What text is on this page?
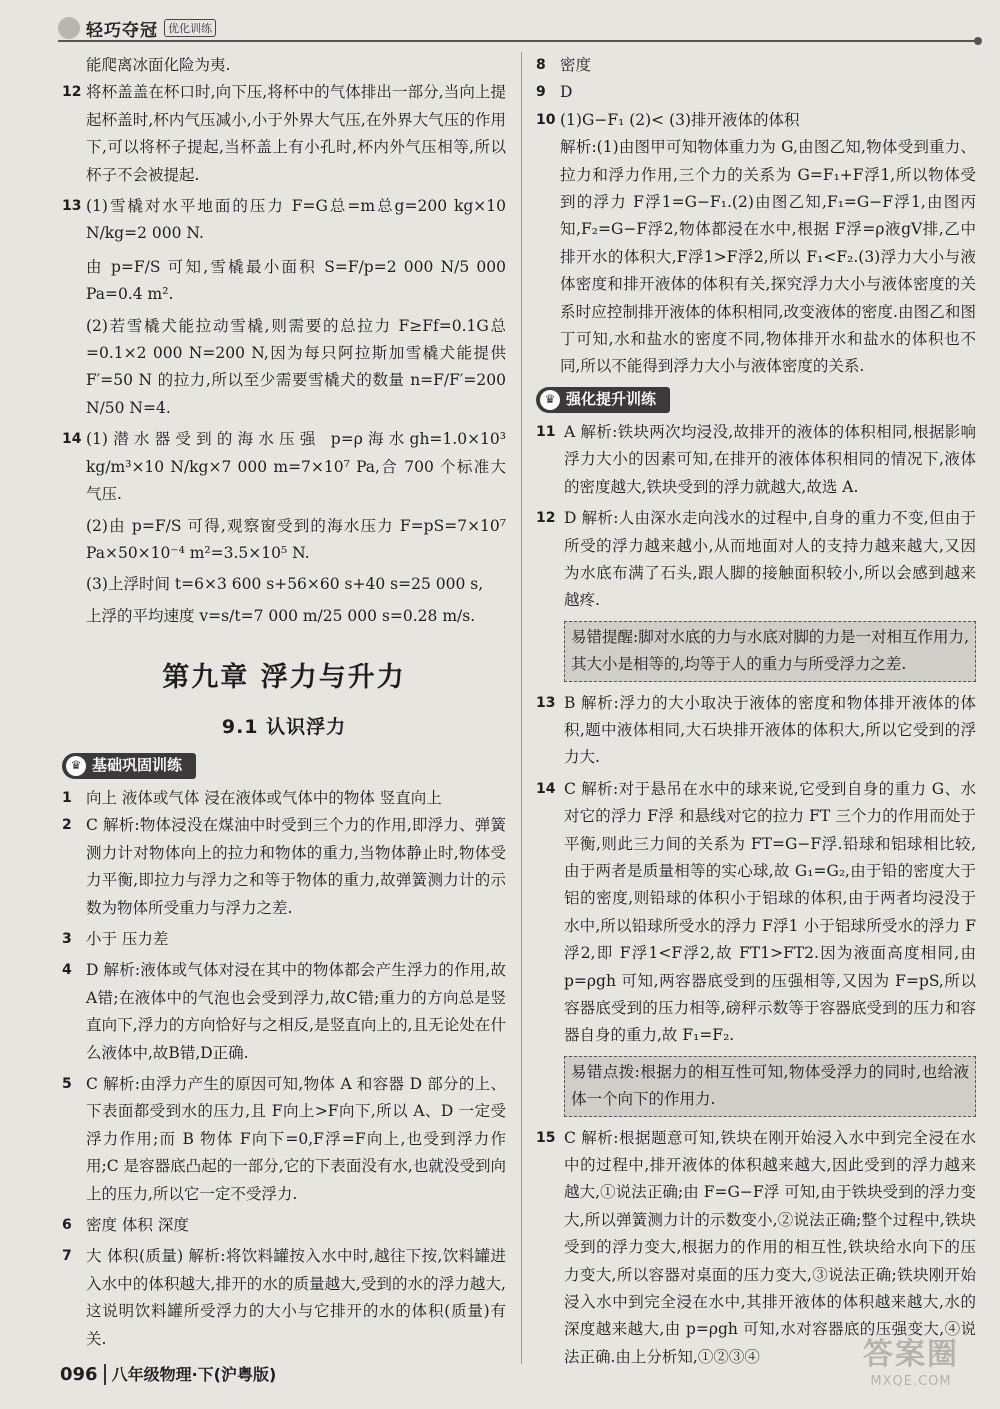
轻巧夺冠 优化训练
能爬离冰面化险为夷.
12 将杯盖盖在杯口时,向下压,将杯中的气体排出一部分,当向上提起杯盖时,杯内气压减小,小于外界大气压,在外界大气压的作用下,可以将杯子提起,当杯盖上有小孔时,杯内外气压相等,所以杯子不会被提起.
13 (1)雪橇对水平地面的压力 F=G总=m总g=200 kg×10 N/kg=2 000 N.
由 p=F/S 可知,雪橇最小面积 S=F/p=2 000 N/5 000 Pa=0.4 m².
(2)若雪橇犬能拉动雪橇,则需要的总拉力 F≥Ff=0.1G总=0.1×2 000 N=200 N,因为每只阿拉斯加雪橇犬能提供 F′=50 N 的拉力,所以至少需要雪橇犬的数量 n=F/F′=200 N/50 N=4.
14 (1)潜水器受到的海水压强 p=ρ海水gh=1.0×10³ kg/m³×10 N/kg×7 000 m=7×10⁷ Pa,合 700 个标准大气压.
(2)由 p=F/S 可得,观察窗受到的海水压力 F=pS=7×10⁷ Pa×50×10⁻⁴ m²=3.5×10⁵ N.
(3)上浮时间 t=6×3 600 s+56×60 s+40 s=25 000 s,
上浮的平均速度 v=s/t=7 000 m/25 000 s=0.28 m/s.
第九章 浮力与升力
9.1 认识浮力
♛ 基础巩固训练
1 向上 液体或气体 浸在液体或气体中的物体 竖直向上
2 C 解析:物体浸没在煤油中时受到三个力的作用,即浮力、弹簧测力计对物体向上的拉力和物体的重力,当物体静止时,物体受力平衡,即拉力与浮力之和等于物体的重力,故弹簧测力计的示数为物体所受重力与浮力之差.
3 小于 压力差
4 D 解析:液体或气体对浸在其中的物体都会产生浮力的作用,故A错;在液体中的气泡也会受到浮力,故C错;重力的方向总是竖直向下,浮力的方向恰好与之相反,是竖直向上的,且无论处在什么液体中,故B错,D正确.
5 C 解析:由浮力产生的原因可知,物体 A 和容器 D 部分的上、下表面都受到水的压力,且 F向上>F向下,所以 A、D 一定受浮力作用;而 B 物体 F向下=0,F浮=F向上,也受到浮力作用;C 是容器底凸起的一部分,它的下表面没有水,也就没受到向上的压力,所以它一定不受浮力.
6 密度 体积 深度
7 大 体积(质量) 解析:将饮料罐按入水中时,越往下按,饮料罐进入水中的体积越大,排开的水的质量越大,受到的水的浮力越大,这说明饮料罐所受浮力的大小与它排开的水的体积(质量)有关.
8 密度
9 D
10 (1)G−F₁ (2)< (3)排开液体的体积
解析:(1)由图甲可知物体重力为 G,由图乙知,物体受到重力、拉力和浮力作用,三个力的关系为 G=F₁+F浮1,所以物体受到的浮力 F浮1=G−F₁.(2)由图乙知,F₁=G−F浮1,由图丙知,F₂=G−F浮2,物体都浸在水中,根据 F浮=ρ液gV排,乙中排开水的体积大,F浮1>F浮2,所以 F₁<F₂.(3)浮力大小与液体密度和排开液体的体积有关,探究浮力大小与液体密度的关系时应控制排开液体的体积相同,改变液体的密度.由图乙和图丁可知,水和盐水的密度不同,物体排开水和盐水的体积也不同,所以不能得到浮力大小与液体密度的关系.
♛ 强化提升训练
11 A 解析:铁块两次均浸没,故排开的液体的体积相同,根据影响浮力大小的因素可知,在排开的液体体积相同的情况下,液体的密度越大,铁块受到的浮力就越大,故选 A.
12 D 解析:人由深水走向浅水的过程中,自身的重力不变,但由于所受的浮力越来越小,从而地面对人的支持力越来越大,又因为水底布满了石头,跟人脚的接触面积较小,所以会感到越来越疼.
易错提醒:脚对水底的力与水底对脚的力是一对相互作用力,其大小是相等的,均等于人的重力与所受浮力之差.
13 B 解析:浮力的大小取决于液体的密度和物体排开液体的体积,题中液体相同,大石块排开液体的体积大,所以它受到的浮力大.
14 C 解析:对于悬吊在水中的球来说,它受到自身的重力 G、水对它的浮力 F浮 和悬线对它的拉力 FT 三个力的作用而处于平衡,则此三力间的关系为 FT=G−F浮.铅球和铝球相比较,由于两者是质量相等的实心球,故 G₁=G₂,由于铅的密度大于铝的密度,则铅球的体积小于铝球的体积,由于两者均浸没于水中,所以铅球所受水的浮力 F浮1 小于铝球所受水的浮力 F浮2,即 F浮1<F浮2,故 FT1>FT2.因为液面高度相同,由 p=ρgh 可知,两容器底受到的压强相等,又因为 F=pS,所以容器底受到的压力相等,磅秤示数等于容器底受到的压力和容器自身的重力,故 F₁=F₂.
易错点拨:根据力的相互性可知,物体受浮力的同时,也给液体一个向下的作用力.
15 C 解析:根据题意可知,铁块在刚开始浸入水中到完全浸在水中的过程中,排开液体的体积越来越大,因此受到的浮力越来越大,①说法正确;由 F=G−F浮 可知,由于铁块受到的浮力变大,所以弹簧测力计的示数变小,②说法正确;整个过程中,铁块受到的浮力变大,根据力的作用的相互性,铁块给水向下的压力变大,所以容器对桌面的压力变大,③说法正确;铁块刚开始浸入水中到完全浸在水中,其排开液体的体积越来越大,水的深度越来越大,由 p=ρgh 可知,水对容器底的压强变大,④说法正确.由上分析知,①②③④
096 八年级物理·下(沪粤版)
答案圈
MXQE.COM
